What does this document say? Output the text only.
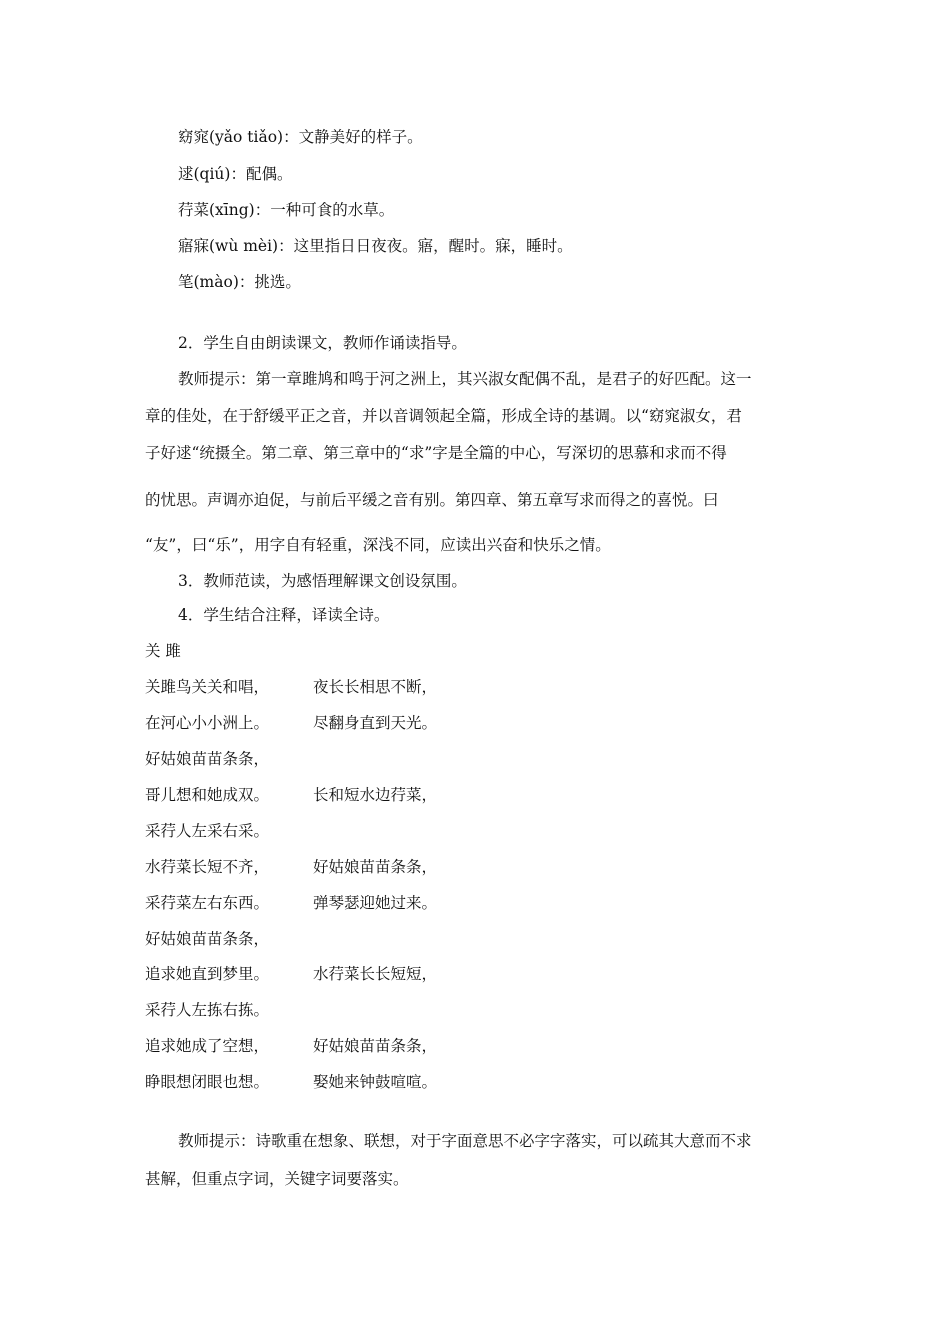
窈窕(yǎo tiǎo)：文静美好的样子。
逑(qiú)：配偶。
荇菜(xīng)：一种可食的水草。
寤寐(wù mèi)：这里指日日夜夜。寤，醒时。寐，睡时。
笔(mào)：挑选。
2．学生自由朗读课文，教师作诵读指导。
教师提示：第一章雎鸠和鸣于河之洲上，其兴淑女配偶不乱，是君子的好匹配。这一
章的佳处，在于舒缓平正之音，并以音调领起全篇，形成全诗的基调。以“窈窕淑女，君
子好逑“统摄全。第二章、第三章中的“求”字是全篇的中心，写深切的思慕和求而不得
的忧思。声调亦迫促，与前后平缓之音有别。第四章、第五章写求而得之的喜悦。曰
“友”，曰“乐”，用字自有轻重，深浅不同，应读出兴奋和快乐之情。
3．教师范读，为感悟理解课文创设氛围。
4．学生结合注释，译读全诗。
关 雎
关雎鸟关关和唱，	夜长长相思不断，
在河心小小洲上。	尽翻身直到天光。
好姑娘苗苗条条，
哥儿想和她成双。	长和短水边荇菜，
采荇人左采右采。
水荇菜长短不齐，	好姑娘苗苗条条，
采荇菜左右东西。	弹琴瑟迎她过来。
好姑娘苗苗条条，
追求她直到梦里。	水荇菜长长短短，
采荇人左拣右拣。
追求她成了空想，	好姑娘苗苗条条，
睁眼想闭眼也想。	娶她来钟鼓喧喧。
教师提示：诗歌重在想象、联想，对于字面意思不必字字落实，可以疏其大意而不求
甚解，但重点字词，关键字词要落实。
